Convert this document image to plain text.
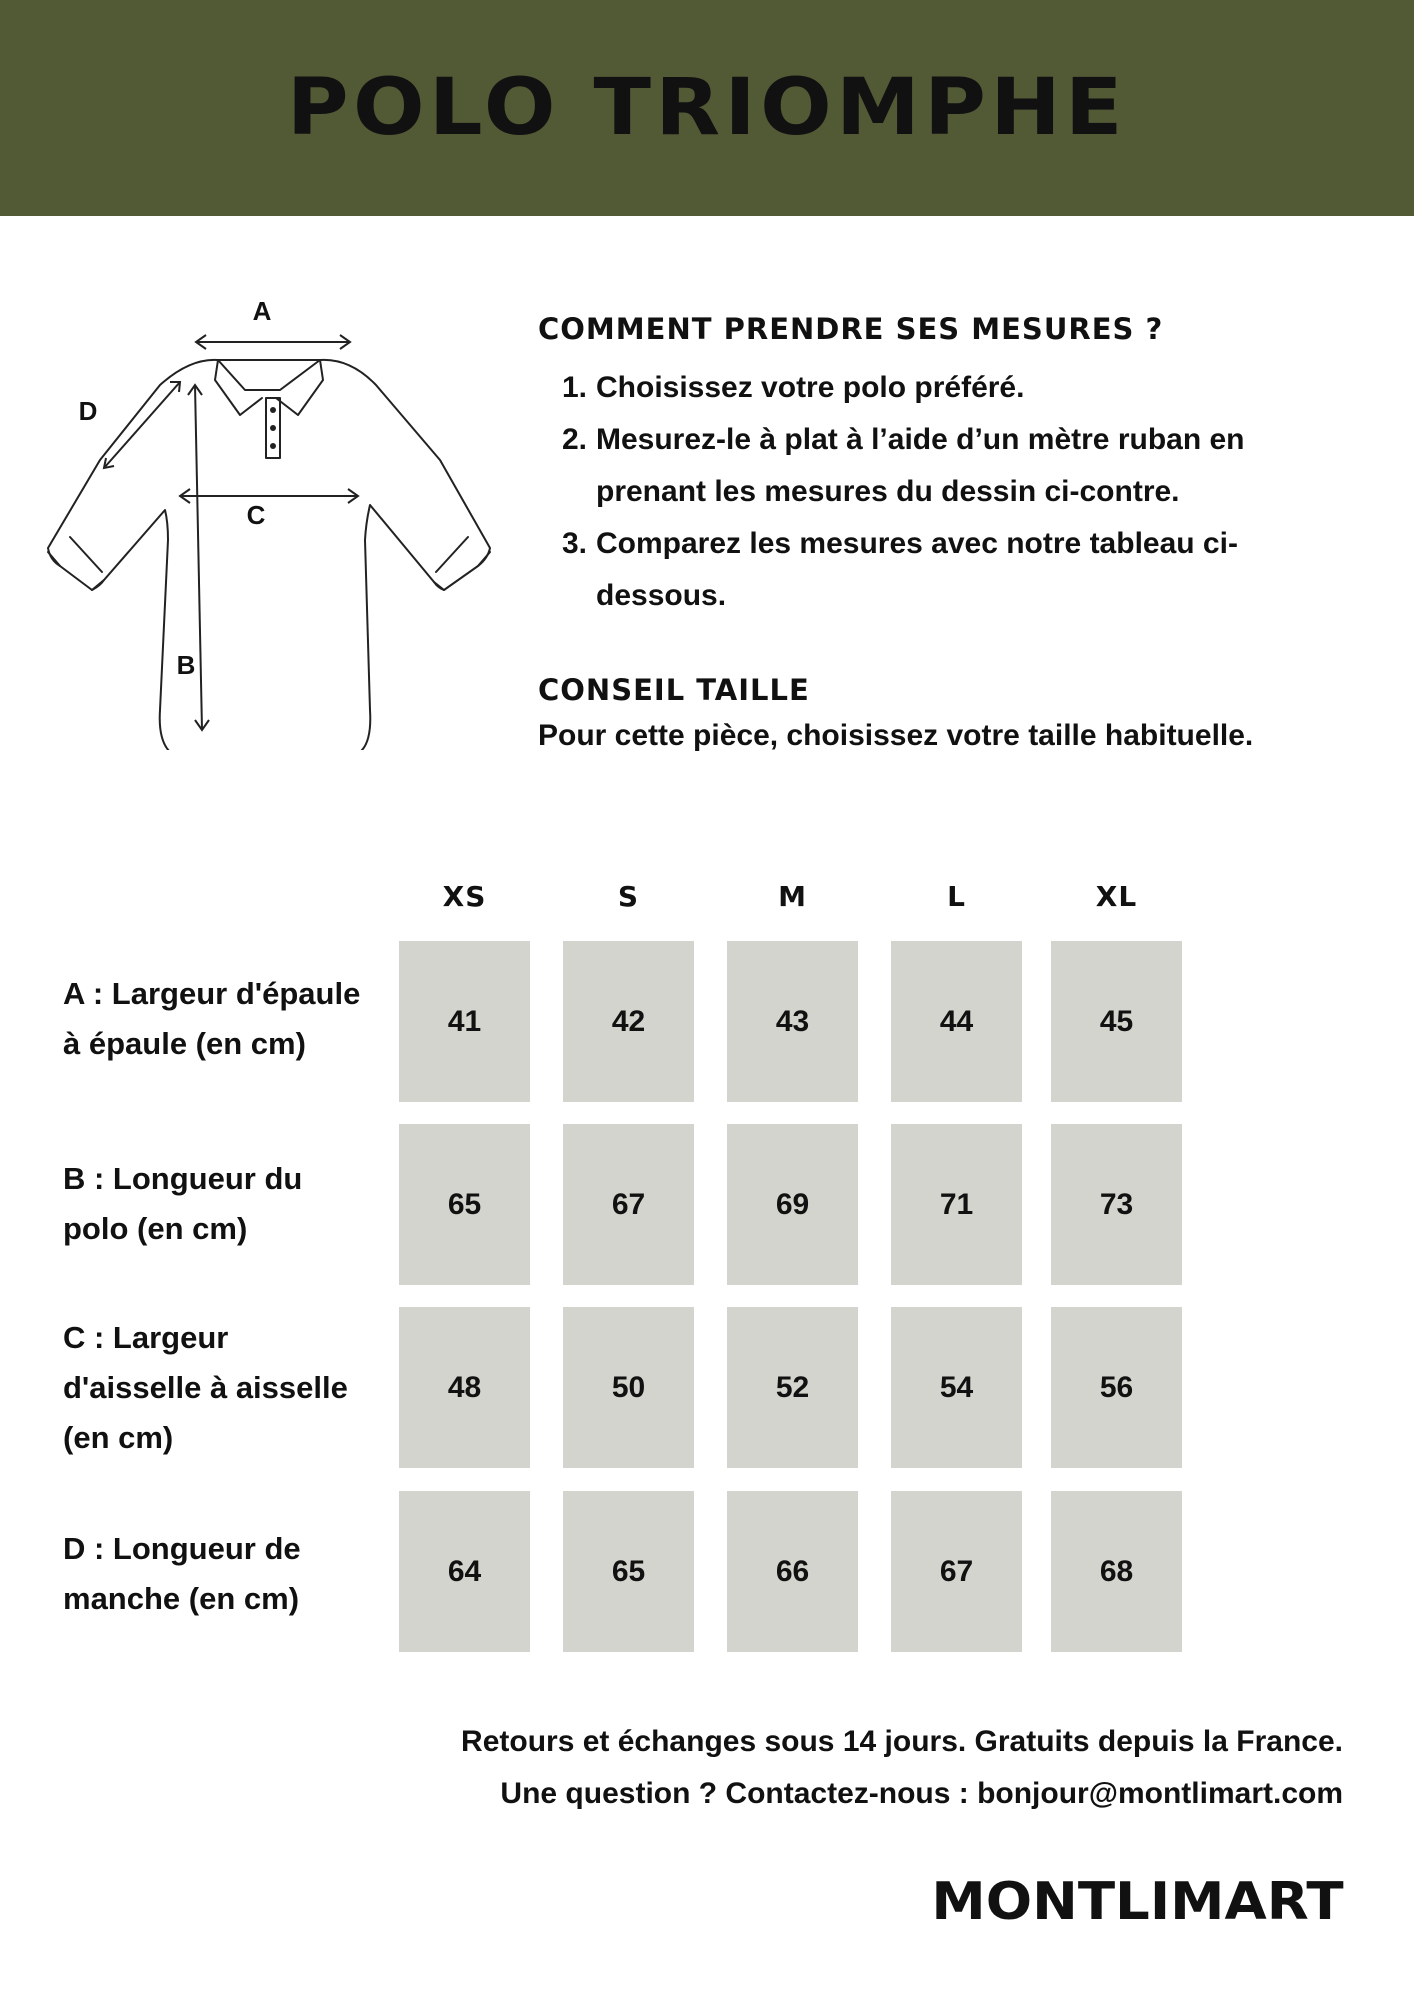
POLO TRIOMPHE
A
D
C
B
COMMENT PRENDRE SES MESURES ?
1. Choisissez votre polo préféré.
2. Mesurez-le à plat à l’aide d’un mètre ruban en prenant les mesures du dessin ci-contre.
3. Comparez les mesures avec notre tableau ci-dessous.
CONSEIL TAILLE
Pour cette pièce, choisissez votre taille habituelle.
XS	S	M	L	XL
A : Largeur d'épaule à épaule (en cm)
41	42	43	44	45
B : Longueur du polo (en cm)
65	67	69	71	73
C : Largeur d'aisselle à aisselle (en cm)
48	50	52	54	56
D : Longueur de manche (en cm)
64	65	66	67	68
Retours et échanges sous 14 jours. Gratuits depuis la France.
Une question ? Contactez-nous : bonjour@montlimart.com
MONTLIMART
